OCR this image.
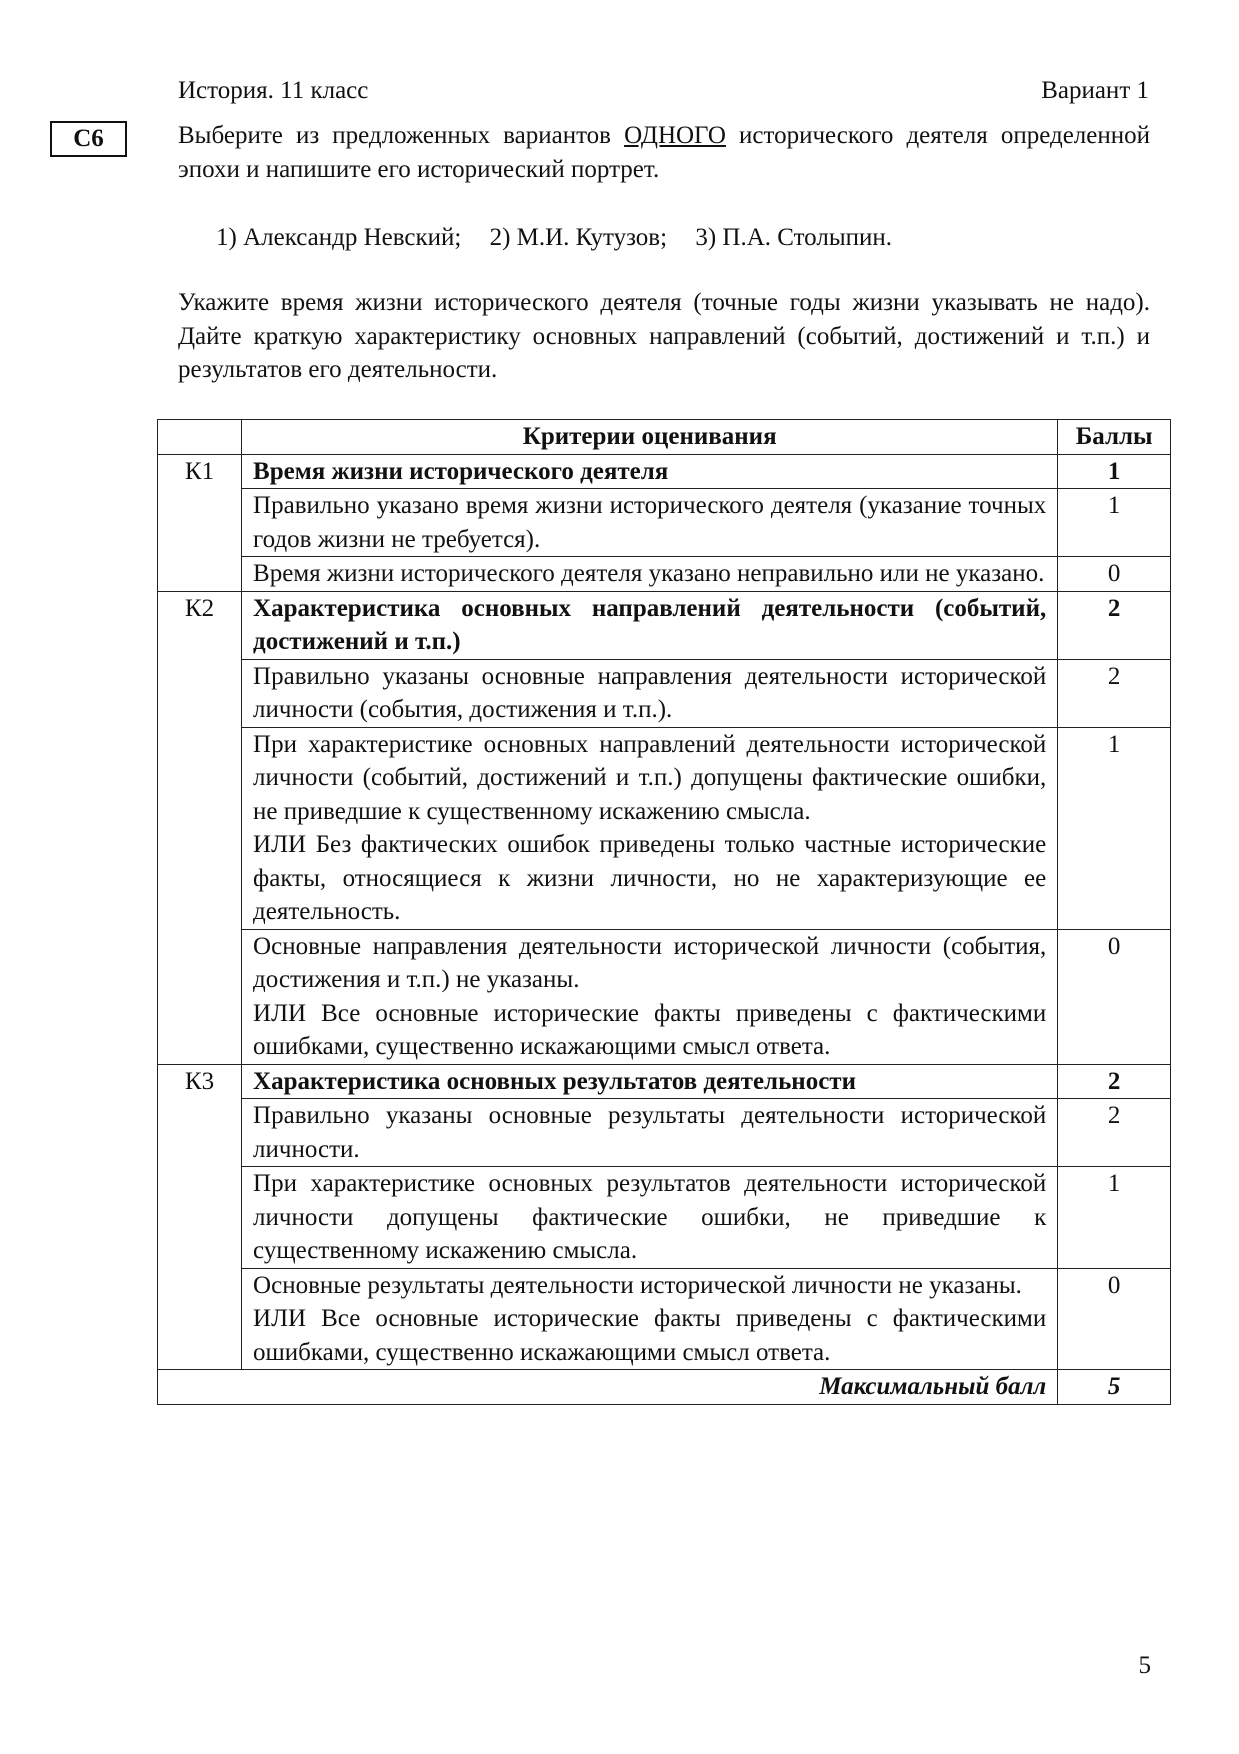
История. 11 класс	Вариант 1
С6	Выберите из предложенных вариантов ОДНОГО исторического деятеля определенной эпохи и напишите его исторический портрет.
1) Александр Невский; 2) М.И. Кутузов; 3) П.А. Столыпин.
Укажите время жизни исторического деятеля (точные годы жизни указывать не надо). Дайте краткую характеристику основных направлений (событий, достижений и т.п.) и результатов его деятельности.
	Критерии оценивания	Баллы
К1	Время жизни исторического деятеля	1
	Правильно указано время жизни исторического деятеля (указание точных годов жизни не требуется).	1
	Время жизни исторического деятеля указано неправильно или не указано.	0
К2	Характеристика основных направлений деятельности (событий, достижений и т.п.)	2
	Правильно указаны основные направления деятельности исторической личности (события, достижения и т.п.).	2

	При характеристике основных направлений деятельности исторической личности (событий, достижений и т.п.) допущены фактические ошибки, не приведшие к существенному искажению смысла.
ИЛИ Без фактических ошибок приведены только частные исторические факты, относящиеся к жизни личности, но не характеризующие ее деятельность.	1

	Основные направления деятельности исторической личности (события, достижения и т.п.) не указаны.
ИЛИ Все основные исторические факты приведены с фактическими ошибками, существенно искажающими смысл ответа.	0
К3	Характеристика основных результатов деятельности	2
	Правильно указаны основные результаты деятельности исторической личности.	2
	При характеристике основных результатов деятельности исторической личности допущены фактические ошибки, не приведшие к существенному искажению смысла.	1

	Основные результаты деятельности исторической личности не указаны.
ИЛИ Все основные исторические факты приведены с фактическими ошибками, существенно искажающими смысл ответа.	0
Максимальный балл		5
5
